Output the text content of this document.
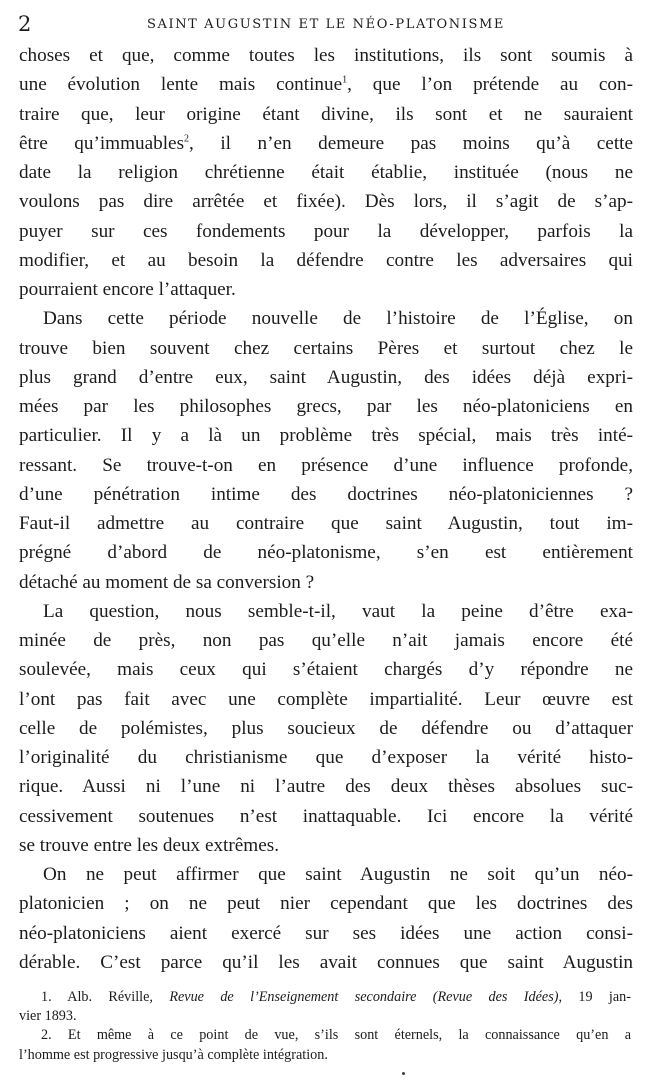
2	SAINT AUGUSTIN ET LE NÉO-PLATONISME
choses et que, comme toutes les institutions, ils sont soumis à
une évolution lente mais continue$^1$, que l’on prétende au con-
traire que, leur origine étant divine, ils sont et ne sauraient
être qu’immuables$^2$, il n’en demeure pas moins qu’à cette
date la religion chrétienne était établie, instituée (nous ne
voulons pas dire arrêtée et fixée). Dès lors, il s’agit de s’ap-
puyer sur ces fondements pour la développer, parfois la
modifier, et au besoin la défendre contre les adversaires qui
pourraient encore l’attaquer.
Dans cette période nouvelle de l’histoire de l’Église, on
trouve bien souvent chez certains Pères et surtout chez le
plus grand d’entre eux, saint Augustin, des idées déjà expri-
mées par les philosophes grecs, par les néo-platoniciens en
particulier. Il y a là un problème très spécial, mais très inté-
ressant. Se trouve-t-on en présence d’une influence profonde,
d’une pénétration intime des doctrines néo-platoniciennes ?
Faut-il admettre au contraire que saint Augustin, tout im-
prégné d’abord de néo-platonisme, s’en est entièrement
détaché au moment de sa conversion ?
La question, nous semble-t-il, vaut la peine d’être exa-
minée de près, non pas qu’elle n’ait jamais encore été
soulevée, mais ceux qui s’étaient chargés d’y répondre ne
l’ont pas fait avec une complète impartialité. Leur œuvre est
celle de polémistes, plus soucieux de défendre ou d’attaquer
l’originalité du christianisme que d’exposer la vérité histo-
rique. Aussi ni l’une ni l’autre des deux thèses absolues suc-
cessivement soutenues n’est inattaquable. Ici encore la vérité
se trouve entre les deux extrêmes.
On ne peut affirmer que saint Augustin ne soit qu’un néo-
platonicien ; on ne peut nier cependant que les doctrines des
néo-platoniciens aient exercé sur ses idées une action consi-
dérable. C’est parce qu’il les avait connues que saint Augustin
1. Alb. Réville, Revue de l’Enseignement secondaire (Revue des Idées), 19 jan-
vier 1893.
2. Et même à ce point de vue, s’ils sont éternels, la connaissance qu’en a
l’homme est progressive jusqu’à complète intégration.
